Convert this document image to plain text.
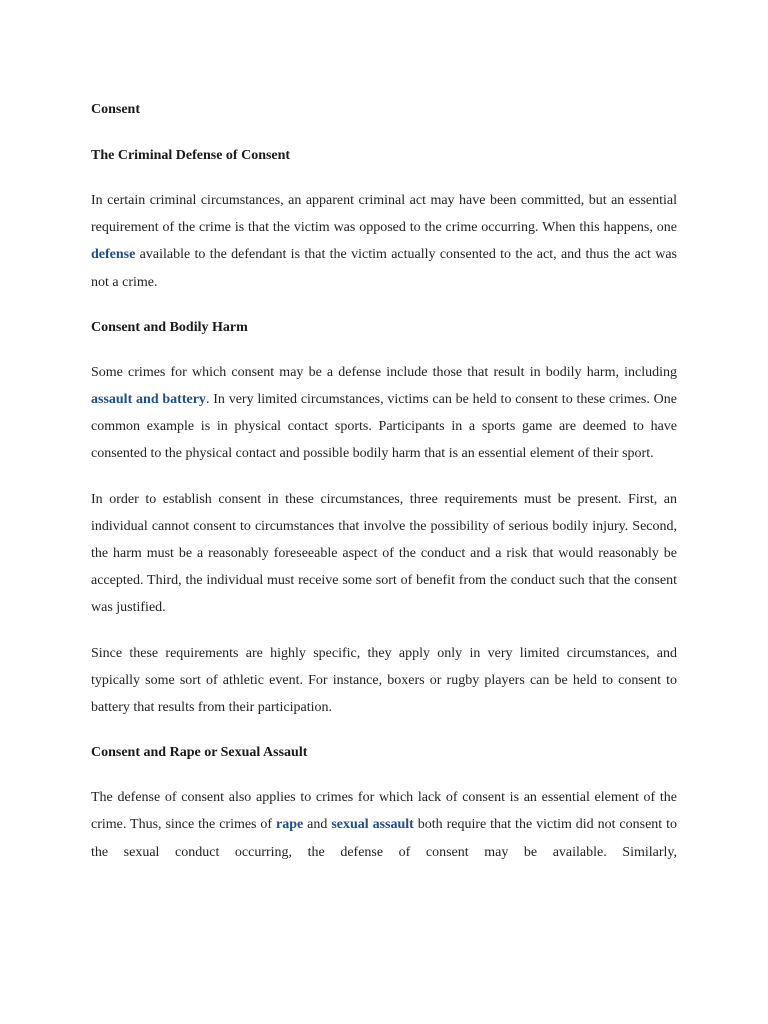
Consent
The Criminal Defense of Consent

In certain criminal circumstances, an apparent criminal act may have been committed, but an essential requirement of the crime is that the victim was opposed to the crime occurring. When this happens, one defense available to the defendant is that the victim actually consented to the act, and thus the act was not a crime.

Consent and Bodily Harm

Some crimes for which consent may be a defense include those that result in bodily harm, including assault and battery. In very limited circumstances, victims can be held to consent to these crimes. One common example is in physical contact sports. Participants in a sports game are deemed to have consented to the physical contact and possible bodily harm that is an essential element of their sport.

In order to establish consent in these circumstances, three requirements must be present. First, an individual cannot consent to circumstances that involve the possibility of serious bodily injury. Second, the harm must be a reasonably foreseeable aspect of the conduct and a risk that would reasonably be accepted. Third, the individual must receive some sort of benefit from the conduct such that the consent was justified.

Since these requirements are highly specific, they apply only in very limited circumstances, and typically some sort of athletic event. For instance, boxers or rugby players can be held to consent to battery that results from their participation.

Consent and Rape or Sexual Assault

The defense of consent also applies to crimes for which lack of consent is an essential element of the crime. Thus, since the crimes of rape and sexual assault both require that the victim did not consent to the sexual conduct occurring, the defense of consent may be available. Similarly,
